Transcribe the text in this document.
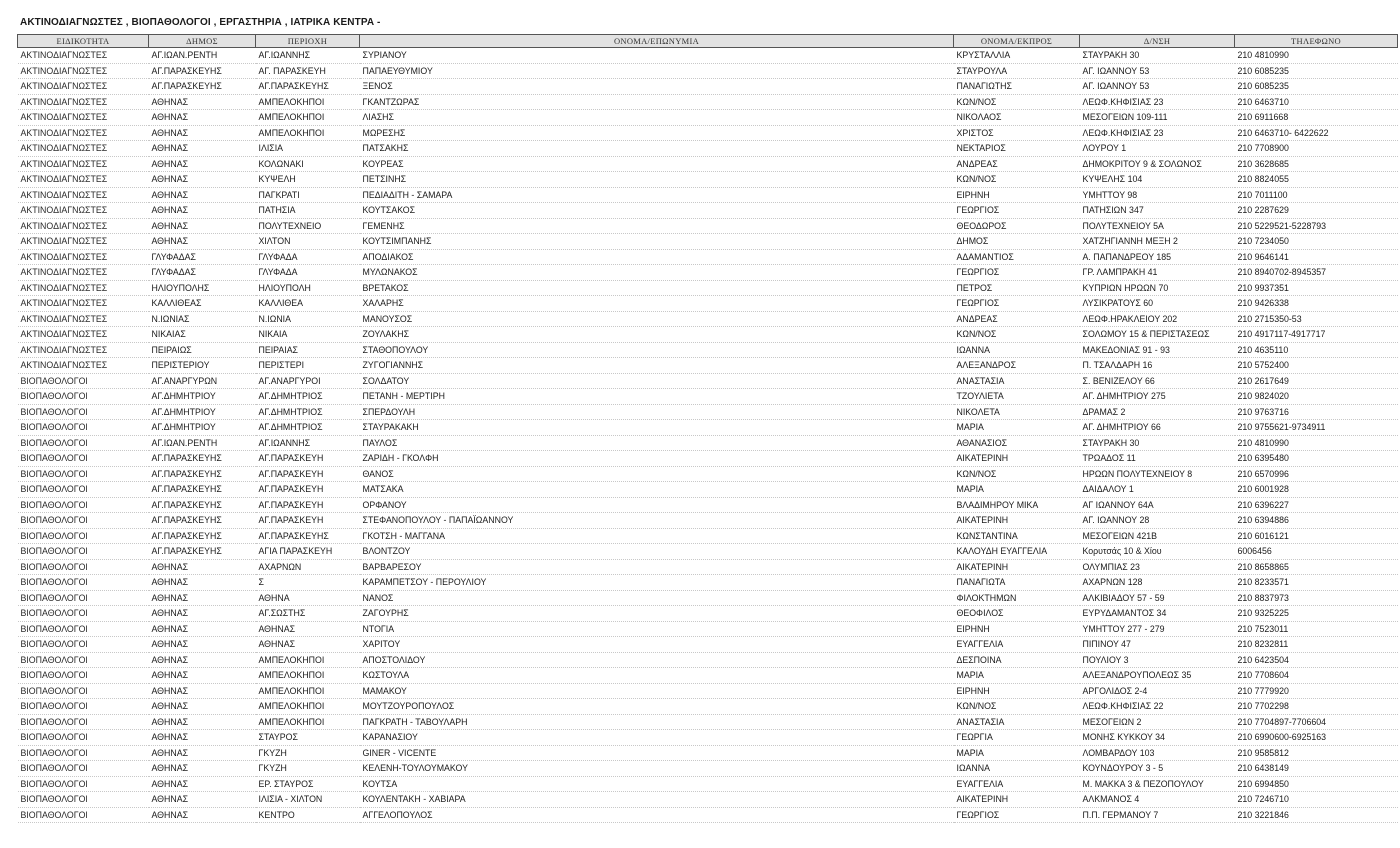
ΑΚΤΙΝΟΔΙΑΓΝΩΣΤΕΣ , ΒΙΟΠΑΘΟΛΟΓΟΙ , ΕΡΓΑΣΤΗΡΙΑ , ΙΑΤΡΙΚΑ ΚΕΝΤΡΑ -
ΕΙΔΙΚΟΤΗΤΑ	ΔΗΜΟΣ	ΠΕΡΙΟΧΗ	ΟΝΟΜΑ/ΕΠΩΝΥΜΙΑ	ΟΝΟΜΑ/ΕΚΠΡΟΣ	Δ/ΝΣΗ	ΤΗΛΕΦΩΝΟ
ΑΚΤΙΝΟΔΙΑΓΝΩΣΤΕΣ	ΑΓ.ΙΩΑΝ.ΡΕΝΤΗ	ΑΓ.ΙΩΑΝΝΗΣ	ΣΥΡΙΑΝΟΥ	ΚΡΥΣΤΑΛΛΙΑ	ΣΤΑΥΡΑΚΗ 30	210 4810990
ΑΚΤΙΝΟΔΙΑΓΝΩΣΤΕΣ	ΑΓ.ΠΑΡΑΣΚΕΥΗΣ	ΑΓ. ΠΑΡΑΣΚΕΥΗ	ΠΑΠΑΕΥΘΥΜΙΟΥ	ΣΤΑΥΡΟΥΛΑ	ΑΓ. ΙΩΑΝΝΟΥ 53	210 6085235
ΑΚΤΙΝΟΔΙΑΓΝΩΣΤΕΣ	ΑΓ.ΠΑΡΑΣΚΕΥΗΣ	ΑΓ.ΠΑΡΑΣΚΕΥΗΣ	ΞΕΝΟΣ	ΠΑΝΑΓΙΩΤΗΣ	ΑΓ. ΙΩΑΝΝΟΥ 53	210 6085235
ΑΚΤΙΝΟΔΙΑΓΝΩΣΤΕΣ	ΑΘΗΝΑΣ	ΑΜΠΕΛΟΚΗΠΟΙ	ΓΚΑΝΤΖΩΡΑΣ	ΚΩΝ/ΝΟΣ	ΛΕΩΦ.ΚΗΦΙΣΙΑΣ 23	210 6463710
ΑΚΤΙΝΟΔΙΑΓΝΩΣΤΕΣ	ΑΘΗΝΑΣ	ΑΜΠΕΛΟΚΗΠΟΙ	ΛΙΑΣΗΣ	ΝΙΚΟΛΑΟΣ	ΜΕΣΟΓΕΙΩΝ 109-111	210 6911668
ΑΚΤΙΝΟΔΙΑΓΝΩΣΤΕΣ	ΑΘΗΝΑΣ	ΑΜΠΕΛΟΚΗΠΟΙ	ΜΩΡΕΣΗΣ	ΧΡΙΣΤΟΣ	ΛΕΩΦ.ΚΗΦΙΣΙΑΣ 23	210 6463710- 6422622
ΑΚΤΙΝΟΔΙΑΓΝΩΣΤΕΣ	ΑΘΗΝΑΣ	ΙΛΙΣΙΑ	ΠΑΤΣΑΚΗΣ	ΝΕΚΤΑΡΙΟΣ	ΛΟΥΡΟΥ 1	210 7708900
ΑΚΤΙΝΟΔΙΑΓΝΩΣΤΕΣ	ΑΘΗΝΑΣ	ΚΟΛΩΝΑΚΙ	ΚΟΥΡΕΑΣ	ΑΝΔΡΕΑΣ	ΔΗΜΟΚΡΙΤΟΥ 9 & ΣΟΛΩΝΟΣ	210 3628685
ΑΚΤΙΝΟΔΙΑΓΝΩΣΤΕΣ	ΑΘΗΝΑΣ	ΚΥΨΕΛΗ	ΠΕΤΣΙΝΗΣ	ΚΩΝ/ΝΟΣ	ΚΥΨΕΛΗΣ 104	210 8824055
ΑΚΤΙΝΟΔΙΑΓΝΩΣΤΕΣ	ΑΘΗΝΑΣ	ΠΑΓΚΡΑΤΙ	ΠΕΔΙΑΔΙΤΗ - ΣΑΜΑΡΑ	ΕΙΡΗΝΗ	ΥΜΗΤΤΟΥ 98	210 7011100
ΑΚΤΙΝΟΔΙΑΓΝΩΣΤΕΣ	ΑΘΗΝΑΣ	ΠΑΤΗΣΙΑ	ΚΟΥΤΣΑΚΟΣ	ΓΕΩΡΓΙΟΣ	ΠΑΤΗΣΙΩΝ 347	210 2287629
ΑΚΤΙΝΟΔΙΑΓΝΩΣΤΕΣ	ΑΘΗΝΑΣ	ΠΟΛΥΤΕΧΝΕΙΟ	ΓΕΜΕΝΗΣ	ΘΕΟΔΩΡΟΣ	ΠΟΛΥΤΕΧΝΕΙΟΥ 5Α	210 5229521-5228793
ΑΚΤΙΝΟΔΙΑΓΝΩΣΤΕΣ	ΑΘΗΝΑΣ	ΧΙΛΤΟΝ	ΚΟΥΤΣΙΜΠΑΝΗΣ	ΔΗΜΟΣ	ΧΑΤΖΗΓΙΑΝΝΗ ΜΕΞΗ 2	210 7234050
ΑΚΤΙΝΟΔΙΑΓΝΩΣΤΕΣ	ΓΛΥΦΑΔΑΣ	ΓΛΥΦΑΔΑ	ΑΠΟΔΙΑΚΟΣ	ΑΔΑΜΑΝΤΙΟΣ	Α. ΠΑΠΑΝΔΡΕΟΥ 185	210 9646141
ΑΚΤΙΝΟΔΙΑΓΝΩΣΤΕΣ	ΓΛΥΦΑΔΑΣ	ΓΛΥΦΑΔΑ	ΜΥΛΩΝΑΚΟΣ	ΓΕΩΡΓΙΟΣ	ΓΡ. ΛΑΜΠΡΑΚΗ 41	210 8940702-8945357
ΑΚΤΙΝΟΔΙΑΓΝΩΣΤΕΣ	ΗΛΙΟΥΠΟΛΗΣ	ΗΛΙΟΥΠΟΛΗ	ΒΡΕΤΑΚΟΣ	ΠΕΤΡΟΣ	ΚΥΠΡΙΩΝ ΗΡΩΩΝ 70	210 9937351
ΑΚΤΙΝΟΔΙΑΓΝΩΣΤΕΣ	ΚΑΛΛΙΘΕΑΣ	ΚΑΛΛΙΘΕΑ	ΧΑΛΑΡΗΣ	ΓΕΩΡΓΙΟΣ	ΛΥΣΙΚΡΑΤΟΥΣ 60	210 9426338
ΑΚΤΙΝΟΔΙΑΓΝΩΣΤΕΣ	Ν.ΙΩΝΙΑΣ	Ν.ΙΩΝΙΑ	ΜΑΝΟΥΣΟΣ	ΑΝΔΡΕΑΣ	ΛΕΩΦ.ΗΡΑΚΛΕΙΟΥ 202	210 2715350-53
ΑΚΤΙΝΟΔΙΑΓΝΩΣΤΕΣ	ΝΙΚΑΙΑΣ	ΝΙΚΑΙΑ	ΖΟΥΛΑΚΗΣ	ΚΩΝ/ΝΟΣ	ΣΟΛΩΜΟΥ 15 & ΠΕΡΙΣΤΑΣΕΩΣ	210 4917117-4917717
ΑΚΤΙΝΟΔΙΑΓΝΩΣΤΕΣ	ΠΕΙΡΑΙΩΣ	ΠΕΙΡΑΙΑΣ	ΣΤΑΘΟΠΟΥΛΟΥ	ΙΩΑΝΝΑ	ΜΑΚΕΔΟΝΙΑΣ 91 - 93	210 4635110
ΑΚΤΙΝΟΔΙΑΓΝΩΣΤΕΣ	ΠΕΡΙΣΤΕΡΙΟΥ	ΠΕΡΙΣΤΕΡΙ	ΖΥΓΟΓΙΑΝΝΗΣ	ΑΛΕΞΑΝΔΡΟΣ	Π. ΤΣΑΛΔΑΡΗ 16	210 5752400
ΒΙΟΠΑΘΟΛΟΓΟΙ	ΑΓ.ΑΝΑΡΓΥΡΩΝ	ΑΓ.ΑΝΑΡΓΥΡΟΙ	ΣΟΛΔΑΤΟΥ	ΑΝΑΣΤΑΣΙΑ	Σ. ΒΕΝΙΖΕΛΟΥ 66	210 2617649
ΒΙΟΠΑΘΟΛΟΓΟΙ	ΑΓ.ΔΗΜΗΤΡΙΟΥ	ΑΓ.ΔΗΜΗΤΡΙΟΣ	ΠΕΤΑΝΗ - ΜΕΡΤΙΡΗ	ΤΖΟΥΛΙΕΤΑ	ΑΓ. ΔΗΜΗΤΡΙΟΥ 275	210 9824020
ΒΙΟΠΑΘΟΛΟΓΟΙ	ΑΓ.ΔΗΜΗΤΡΙΟΥ	ΑΓ.ΔΗΜΗΤΡΙΟΣ	ΣΠΕΡΔΟΥΛΗ	ΝΙΚΟΛΕΤΑ	ΔΡΑΜΑΣ 2	210 9763716
ΒΙΟΠΑΘΟΛΟΓΟΙ	ΑΓ.ΔΗΜΗΤΡΙΟΥ	ΑΓ.ΔΗΜΗΤΡΙΟΣ	ΣΤΑΥΡΑΚΑΚΗ	ΜΑΡΙΑ	ΑΓ. ΔΗΜΗΤΡΙΟΥ 66	210 9755621-9734911
ΒΙΟΠΑΘΟΛΟΓΟΙ	ΑΓ.ΙΩΑΝ.ΡΕΝΤΗ	ΑΓ.ΙΩΑΝΝΗΣ	ΠΑΥΛΟΣ	ΑΘΑΝΑΣΙΟΣ	ΣΤΑΥΡΑΚΗ 30	210 4810990
ΒΙΟΠΑΘΟΛΟΓΟΙ	ΑΓ.ΠΑΡΑΣΚΕΥΗΣ	ΑΓ.ΠΑΡΑΣΚΕΥΗ	ΖΑΡΙΔΗ - ΓΚΟΛΦΗ	ΑΙΚΑΤΕΡΙΝΗ	ΤΡΩΑΔΟΣ 11	210 6395480
ΒΙΟΠΑΘΟΛΟΓΟΙ	ΑΓ.ΠΑΡΑΣΚΕΥΗΣ	ΑΓ.ΠΑΡΑΣΚΕΥΗ	ΘΑΝΟΣ	ΚΩΝ/ΝΟΣ	ΗΡΩΩΝ ΠΟΛΥΤΕΧΝΕΙΟΥ 8	210 6570996
ΒΙΟΠΑΘΟΛΟΓΟΙ	ΑΓ.ΠΑΡΑΣΚΕΥΗΣ	ΑΓ.ΠΑΡΑΣΚΕΥΗ	ΜΑΤΣΑΚΑ	ΜΑΡΙΑ	ΔΑΙΔΑΛΟΥ 1	210 6001928
ΒΙΟΠΑΘΟΛΟΓΟΙ	ΑΓ.ΠΑΡΑΣΚΕΥΗΣ	ΑΓ.ΠΑΡΑΣΚΕΥΗ	ΟΡΦΑΝΟΥ	ΒΛΑΔΙΜΗΡΟΥ ΜΙΚΑ	ΑΓ ΙΩΑΝΝΟΥ 64Α	210 6396227
ΒΙΟΠΑΘΟΛΟΓΟΙ	ΑΓ.ΠΑΡΑΣΚΕΥΗΣ	ΑΓ.ΠΑΡΑΣΚΕΥΗ	ΣΤΕΦΑΝΟΠΟΥΛΟΥ - ΠΑΠΑΪΩΑΝΝΟΥ	ΑΙΚΑΤΕΡΙΝΗ	ΑΓ. ΙΩΑΝΝΟΥ 28	210 6394886
ΒΙΟΠΑΘΟΛΟΓΟΙ	ΑΓ.ΠΑΡΑΣΚΕΥΗΣ	ΑΓ.ΠΑΡΑΣΚΕΥΗΣ	ΓΚΟΤΣΗ - ΜΑΓΓΑΝΑ	ΚΩΝΣΤΑΝΤΙΝΑ	ΜΕΣΟΓΕΙΩΝ 421Β	210 6016121
ΒΙΟΠΑΘΟΛΟΓΟΙ	ΑΓ.ΠΑΡΑΣΚΕΥΗΣ	ΑΓΙΑ ΠΑΡΑΣΚΕΥΗ	ΒΛΟΝΤΖΟΥ	ΚΑΛΟΥΔΗ ΕΥΑΓΓΕΛΙΑ	Κορυτσάς 10 & Χίου	6006456
ΒΙΟΠΑΘΟΛΟΓΟΙ	ΑΘΗΝΑΣ	ΑΧΑΡΝΩΝ	ΒΑΡΒΑΡΕΣΟΥ	ΑΙΚΑΤΕΡΙΝΗ	ΟΛΥΜΠΙΑΣ 23	210 8658865
ΒΙΟΠΑΘΟΛΟΓΟΙ	ΑΘΗΝΑΣ	Σ	ΚΑΡΑΜΠΕΤΣΟΥ - ΠΕΡΟΥΛΙΟΥ	ΠΑΝΑΓΙΩΤΑ	ΑΧΑΡΝΩΝ 128	210 8233571
ΒΙΟΠΑΘΟΛΟΓΟΙ	ΑΘΗΝΑΣ	ΑΘΗΝΑ	ΝΑΝΟΣ	ΦΙΛΟΚΤΗΜΩΝ	ΑΛΚΙΒΙΑΔΟΥ 57 - 59	210 8837973
ΒΙΟΠΑΘΟΛΟΓΟΙ	ΑΘΗΝΑΣ	ΑΓ.ΣΩΣΤΗΣ	ΖΑΓΟΥΡΗΣ	ΘΕΟΦΙΛΟΣ	ΕΥΡΥΔΑΜΑΝΤΟΣ 34	210 9325225
ΒΙΟΠΑΘΟΛΟΓΟΙ	ΑΘΗΝΑΣ	ΑΘΗΝΑΣ	ΝΤΟΓΙΑ	ΕΙΡΗΝΗ	ΥΜΗΤΤΟΥ 277 - 279	210 7523011
ΒΙΟΠΑΘΟΛΟΓΟΙ	ΑΘΗΝΑΣ	ΑΘΗΝΑΣ	ΧΑΡΙΤΟΥ	ΕΥΑΓΓΕΛΙΑ	ΠΙΠΙΝΟΥ 47	210 8232811
ΒΙΟΠΑΘΟΛΟΓΟΙ	ΑΘΗΝΑΣ	ΑΜΠΕΛΟΚΗΠΟΙ	ΑΠΟΣΤΟΛΙΔΟΥ	ΔΕΣΠΟΙΝΑ	ΠΟΥΛΙΟΥ 3	210 6423504
ΒΙΟΠΑΘΟΛΟΓΟΙ	ΑΘΗΝΑΣ	ΑΜΠΕΛΟΚΗΠΟΙ	ΚΩΣΤΟΥΛΑ	ΜΑΡΙΑ	ΑΛΕΞΑΝΔΡΟΥΠΟΛΕΩΣ 35	210 7708604
ΒΙΟΠΑΘΟΛΟΓΟΙ	ΑΘΗΝΑΣ	ΑΜΠΕΛΟΚΗΠΟΙ	ΜΑΜΑΚΟΥ	ΕΙΡΗΝΗ	ΑΡΓΟΛΙΔΟΣ 2-4	210 7779920
ΒΙΟΠΑΘΟΛΟΓΟΙ	ΑΘΗΝΑΣ	ΑΜΠΕΛΟΚΗΠΟΙ	ΜΟΥΤΖΟΥΡΟΠΟΥΛΟΣ	ΚΩΝ/ΝΟΣ	ΛΕΩΦ.ΚΗΦΙΣΙΑΣ 22	210 7702298
ΒΙΟΠΑΘΟΛΟΓΟΙ	ΑΘΗΝΑΣ	ΑΜΠΕΛΟΚΗΠΟΙ	ΠΑΓΚΡΑΤΗ - ΤΑΒΟΥΛΑΡΗ	ΑΝΑΣΤΑΣΙΑ	ΜΕΣΟΓΕΙΩΝ 2	210 7704897-7706604
ΒΙΟΠΑΘΟΛΟΓΟΙ	ΑΘΗΝΑΣ	ΣΤΑΥΡΟΣ	ΚΑΡΑΝΑΣΙΟΥ	ΓΕΩΡΓΙΑ	ΜΟΝΗΣ ΚΥΚΚΟΥ 34	210 6990600-6925163
ΒΙΟΠΑΘΟΛΟΓΟΙ	ΑΘΗΝΑΣ	ΓΚΥΖΗ	GINER - VICENTE	ΜΑΡΙΑ	ΛΟΜΒΑΡΔΟΥ 103	210 9585812
ΒΙΟΠΑΘΟΛΟΓΟΙ	ΑΘΗΝΑΣ	ΓΚΥΖΗ	ΚΕΛΕΝΗ-ΤΟΥΛΟΥΜΑΚΟΥ	ΙΩΑΝΝΑ	ΚΟΥΝΔΟΥΡΟΥ 3 - 5	210 6438149
ΒΙΟΠΑΘΟΛΟΓΟΙ	ΑΘΗΝΑΣ	ΕΡ. ΣΤΑΥΡΟΣ	ΚΟΥΤΣΑ	ΕΥΑΓΓΕΛΙΑ	Μ. ΜΑΚΚΑ 3 & ΠΕΖΟΠΟΥΛΟΥ	210 6994850
ΒΙΟΠΑΘΟΛΟΓΟΙ	ΑΘΗΝΑΣ	ΙΛΙΣΙΑ - ΧΙΛΤΟΝ	ΚΟΥΛΕΝΤΑΚΗ - ΧΑΒΙΑΡΑ	ΑΙΚΑΤΕΡΙΝΗ	ΑΛΚΜΑΝΟΣ 4	210 7246710
ΒΙΟΠΑΘΟΛΟΓΟΙ	ΑΘΗΝΑΣ	ΚΕΝΤΡΟ	ΑΓΓΕΛΟΠΟΥΛΟΣ	ΓΕΩΡΓΙΟΣ	Π.Π. ΓΕΡΜΑΝΟΥ 7	210 3221846
